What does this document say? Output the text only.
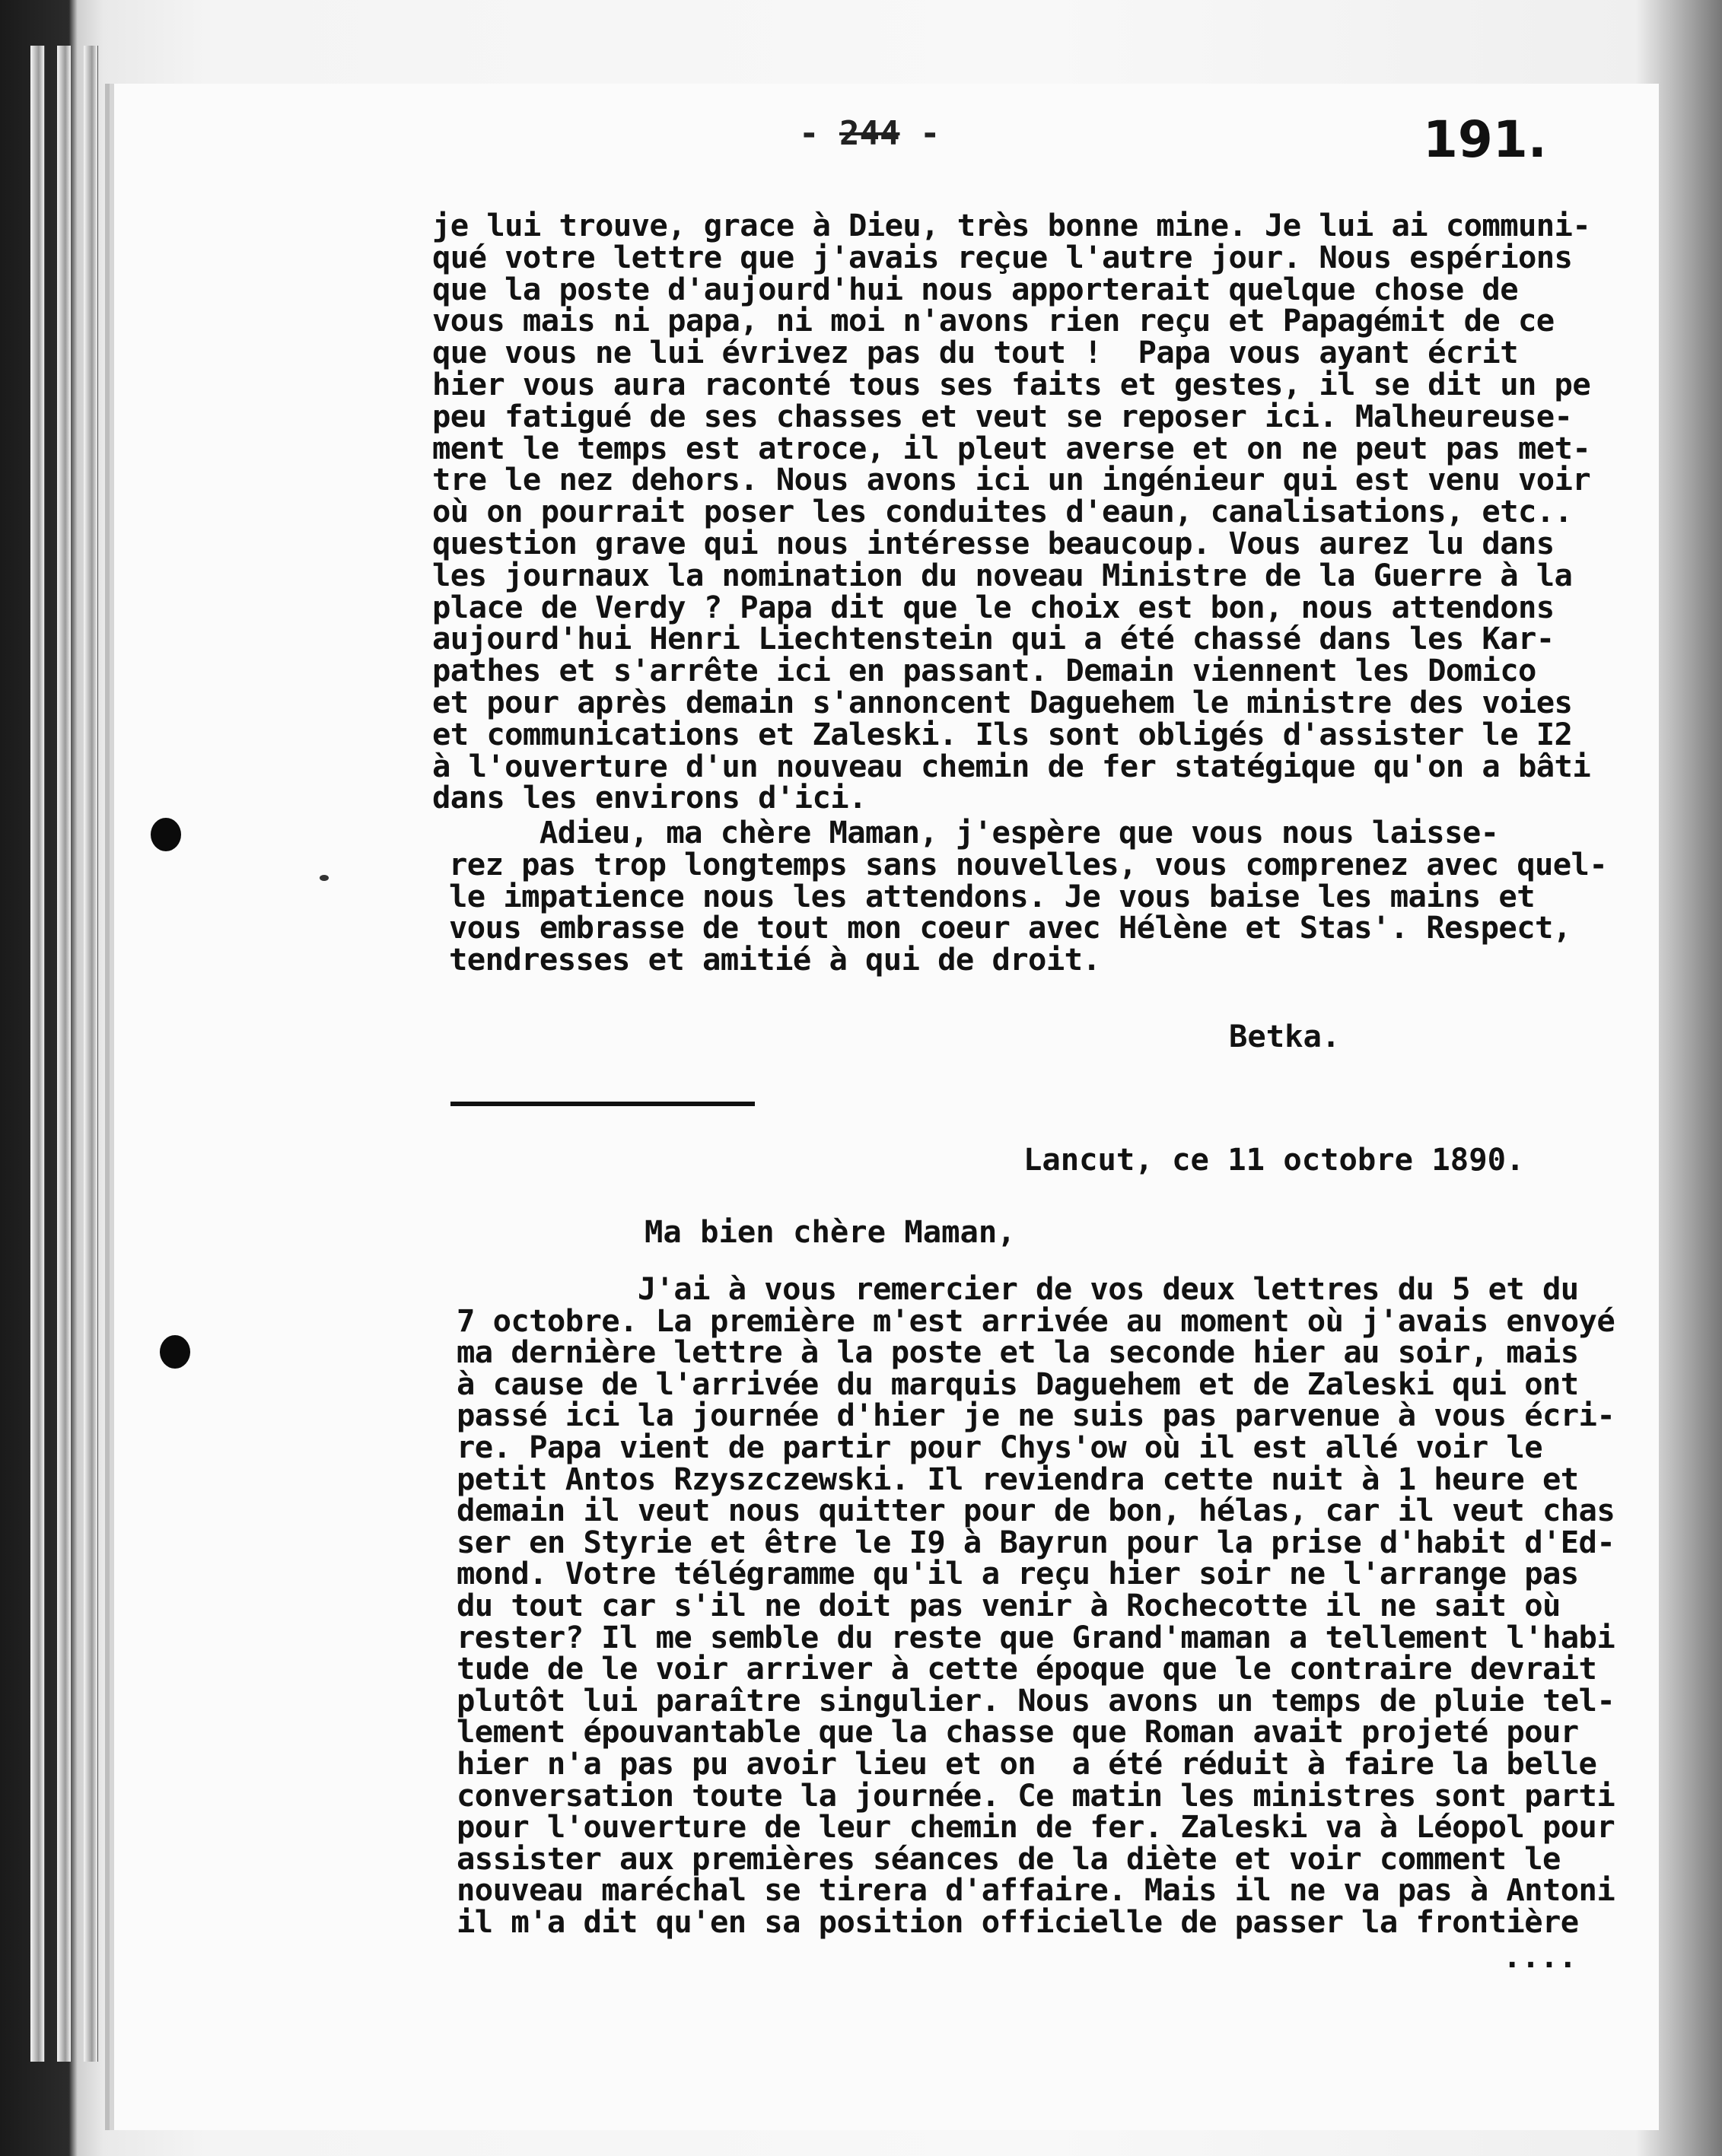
- 244 -	191.
je lui trouve, grace à Dieu, très bonne mine. Je lui ai communi-
qué votre lettre que j'avais reçue l'autre jour. Nous espérions
que la poste d'aujourd'hui nous apporterait quelque chose de
vous mais ni papa, ni moi n'avons rien reçu et Papagémit de ce
que vous ne lui évrivez pas du tout !  Papa vous ayant écrit
hier vous aura raconté tous ses faits et gestes, il se dit un pe
peu fatigué de ses chasses et veut se reposer ici. Malheureuse-
ment le temps est atroce, il pleut averse et on ne peut pas met-
tre le nez dehors. Nous avons ici un ingénieur qui est venu voir
où on pourrait poser les conduites d'eaun, canalisations, etc..
question grave qui nous intéresse beaucoup. Vous aurez lu dans
les journaux la nomination du noveau Ministre de la Guerre à la
place de Verdy ? Papa dit que le choix est bon, nous attendons
aujourd'hui Henri Liechtenstein qui a été chassé dans les Kar-
pathes et s'arrête ici en passant. Demain viennent les Domico
et pour après demain s'annoncent Daguehem le ministre des voies
et communications et Zaleski. Ils sont obligés d'assister le I2
à l'ouverture d'un nouveau chemin de fer statégique qu'on a bâti
dans les environs d'ici.
Adieu, ma chère Maman, j'espère que vous nous laisse-
rez pas trop longtemps sans nouvelles, vous comprenez avec quel-
le impatience nous les attendons. Je vous baise les mains et
vous embrasse de tout mon coeur avec Hélène et Stas'. Respect,
tendresses et amitié à qui de droit.
Betka.
Lancut, ce 11 octobre 1890.
Ma bien chère Maman,
J'ai à vous remercier de vos deux lettres du 5 et du
7 octobre. La première m'est arrivée au moment où j'avais envoyé
ma dernière lettre à la poste et la seconde hier au soir, mais
à cause de l'arrivée du marquis Daguehem et de Zaleski qui ont
passé ici la journée d'hier je ne suis pas parvenue à vous écri-
re. Papa vient de partir pour Chys'ow où il est allé voir le
petit Antos Rzyszczewski. Il reviendra cette nuit à 1 heure et
demain il veut nous quitter pour de bon, hélas, car il veut chas
ser en Styrie et être le I9 à Bayrun pour la prise d'habit d'Ed-
mond. Votre télégramme qu'il a reçu hier soir ne l'arrange pas
du tout car s'il ne doit pas venir à Rochecotte il ne sait où
rester? Il me semble du reste que Grand'maman a tellement l'habi
tude de le voir arriver à cette époque que le contraire devrait
plutôt lui paraître singulier. Nous avons un temps de pluie tel-
lement épouvantable que la chasse que Roman avait projeté pour
hier n'a pas pu avoir lieu et on  a été réduit à faire la belle
conversation toute la journée. Ce matin les ministres sont parti
pour l'ouverture de leur chemin de fer. Zaleski va à Léopol pour
assister aux premières séances de la diète et voir comment le
nouveau maréchal se tirera d'affaire. Mais il ne va pas à Antoni
il m'a dit qu'en sa position officielle de passer la frontière
....
